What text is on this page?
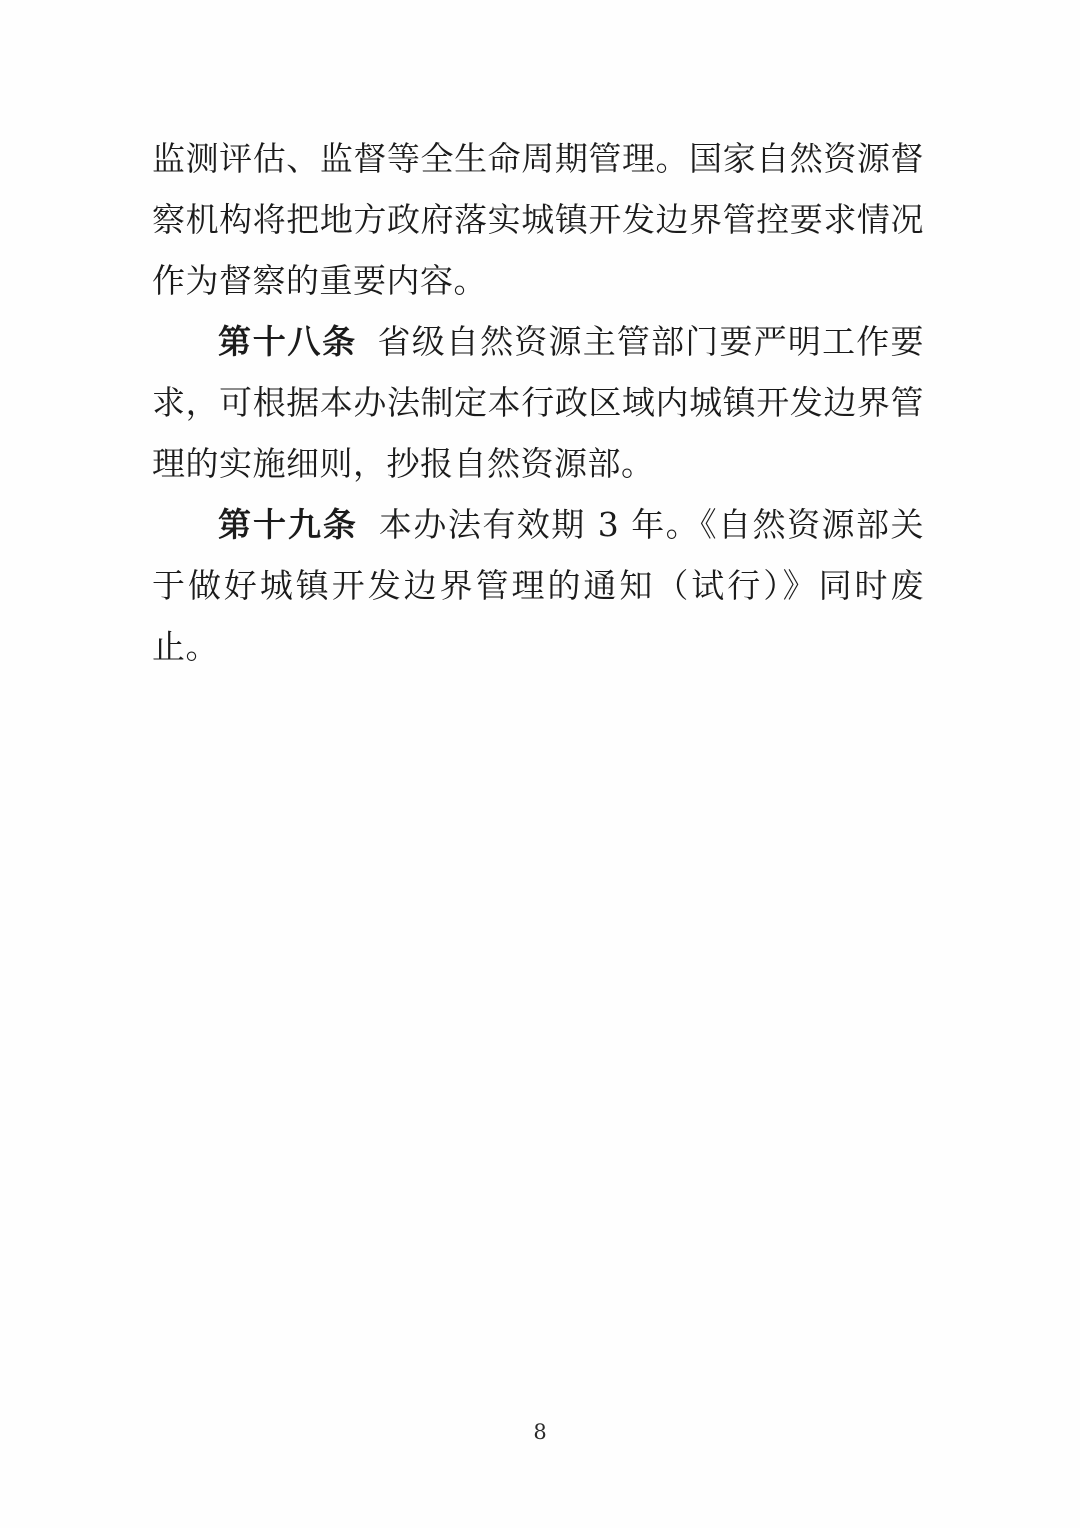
监测评估、监督等全生命周期管理。国家自然资源督察机构将把地方政府落实城镇开发边界管控要求情况作为督察的重要内容。

第十八条 省级自然资源主管部门要严明工作要求，可根据本办法制定本行政区域内城镇开发边界管理的实施细则，抄报自然资源部。

第十九条 本办法有效期 3 年。《自然资源部关于做好城镇开发边界管理的通知（试行）》同时废止。

8
